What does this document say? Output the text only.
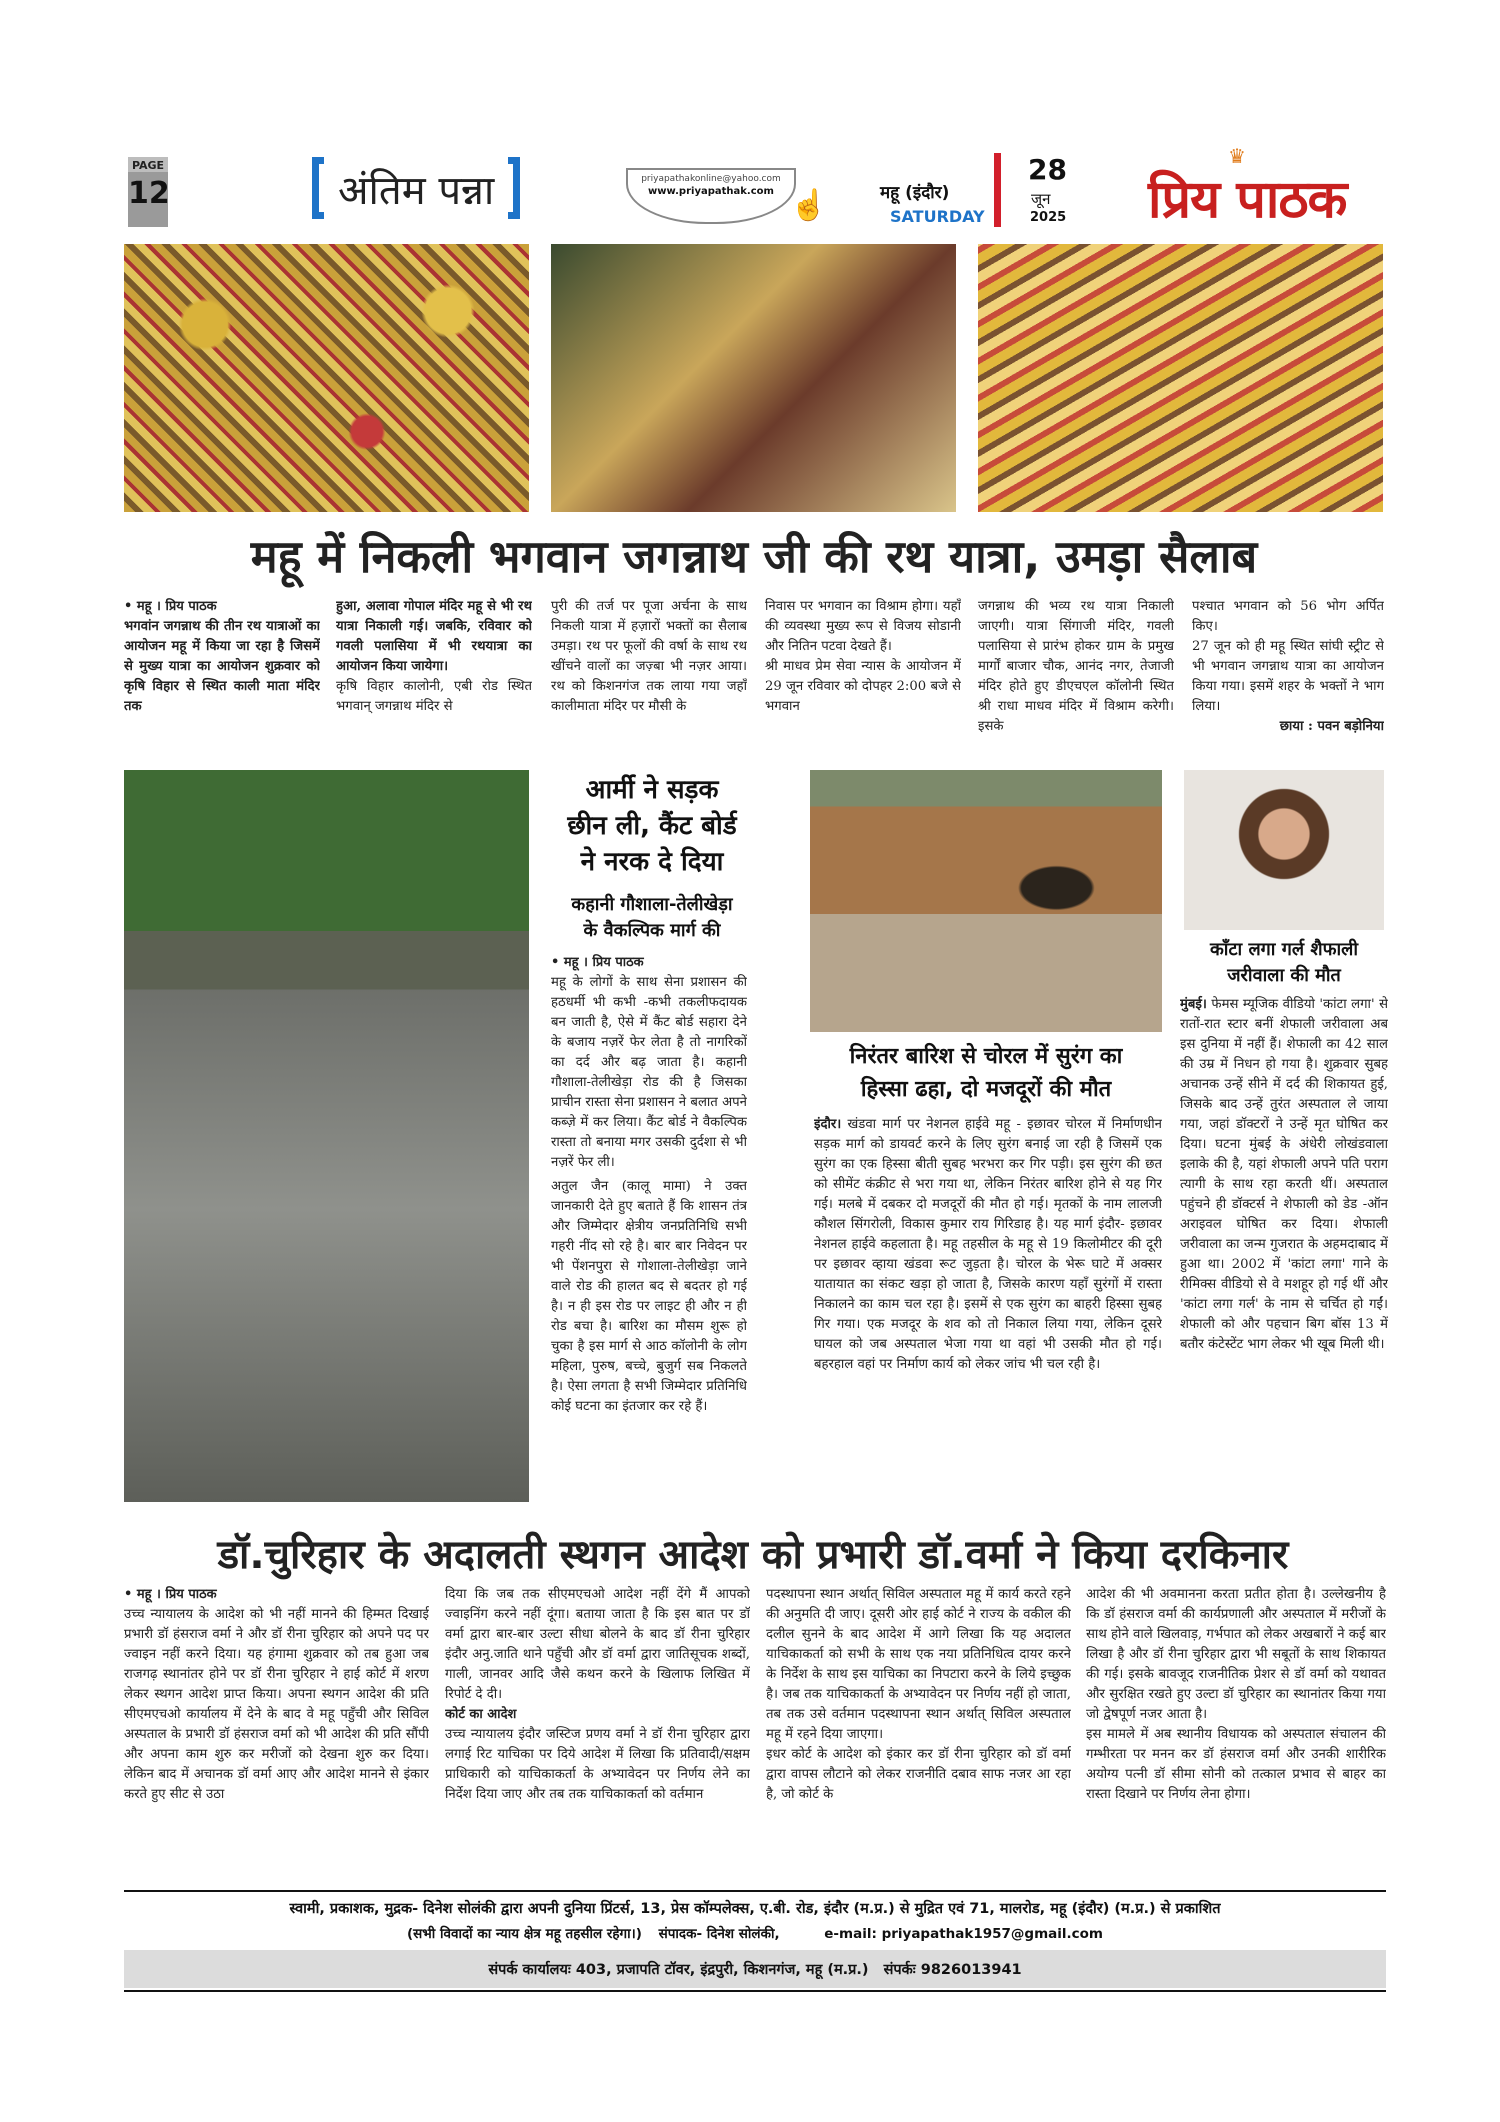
PAGE
12	अंतिम पन्ना	priyapathakonline@yahoo.com
www.priyapathak.com ☝	महू (इंदौर)
SATURDAY
28
जून
2025
♛
प्रिय पाठक
महू में निकली भगवान जगन्नाथ जी की रथ यात्रा, उमड़ा सैलाब
• महू । प्रिय पाठक

भगवांन जगन्नाथ की तीन रथ यात्राओं का आयोजन महू में किया जा रहा है जिसमें से मुख्य यात्रा का आयोजन शुक्रवार को कृषि विहार से स्थित काली माता मंदिर तक

हुआ, अलावा गोपाल मंदिर महू से भी रथ यात्रा निकाली गई। जबकि, रविवार को गवली पलासिया में भी रथयात्रा का आयोजन किया जायेगा।

कृषि विहार कालोनी, एबी रोड स्थित भगवान् जगन्नाथ मंदिर से

पुरी की तर्ज पर पूजा अर्चना के साथ निकली यात्रा में हज़ारों भक्तों का सैलाब उमड़ा। रथ पर फूलों की वर्षा के साथ रथ खींचने वालों का जज़्बा भी नज़र आया। रथ को किशनगंज तक लाया गया जहाँ कालीमाता मंदिर पर मौसी के

निवास पर भगवान का विश्राम होगा। यहाँ की व्यवस्था मुख्य रूप से विजय सोडानी और नितिन पटवा देखते हैं।

श्री माधव प्रेम सेवा न्यास के आयोजन में 29 जून रविवार को दोपहर 2:00 बजे से भगवान

जगन्नाथ की भव्य रथ यात्रा निकाली जाएगी। यात्रा सिंगाजी मंदिर, गवली पलासिया से प्रारंभ होकर ग्राम के प्रमुख मार्गों बाजार चौक, आनंद नगर, तेजाजी मंदिर होते हुए डीएचएल कॉलोनी स्थित श्री राधा माधव मंदिर में विश्राम करेगी। इसके

पश्चात भगवान को 56 भोग अर्पित किए।

27 जून को ही महू स्थित सांघी स्ट्रीट से भी भगवान जगन्नाथ यात्रा का आयोजन किया गया। इसमें शहर के भक्तों ने भाग लिया।

छाया : पवन बड़ोनिया

आर्मी ने सड़क
छीन ली, कैंट बोर्ड
ने नरक दे दिया
कहानी गौशाला-तेलीखेड़ा
के वैकल्पिक मार्ग की
• महू । प्रिय पाठक

महू के लोगों के साथ सेना प्रशासन की हठधर्मी भी कभी -कभी तकलीफदायक बन जाती है, ऐसे में कैंट बोर्ड सहारा देने के बजाय नज़रें फेर लेता है तो नागरिकों का दर्द और बढ़ जाता है। कहानी गौशाला-तेलीखेड़ा रोड की है जिसका प्राचीन रास्ता सेना प्रशासन ने बलात अपने कब्ज़े में कर लिया। कैंट बोर्ड ने वैकल्पिक रास्ता तो बनाया मगर उसकी दुर्दशा से भी नज़रें फेर ली।

अतुल जैन (कालू मामा) ने उक्त जानकारी देते हुए बताते हैं कि शासन तंत्र और जिम्मेदार क्षेत्रीय जनप्रतिनिधि सभी गहरी नींद सो रहे है। बार बार निवेदन पर भी पेंशनपुरा से गोशाला-तेलीखेड़ा जाने वाले रोड की हालत बद से बदतर हो गई है। न ही इस रोड पर लाइट ही और न ही रोड बचा है। बारिश का मौसम शुरू हो चुका है इस मार्ग से आठ कॉलोनी के लोग महिला, पुरुष, बच्चे, बुजुर्ग सब निकलते है। ऐसा लगता है सभी जिम्मेदार प्रतिनिधि कोई घटना का इंतजार कर रहे हैं।

निरंतर बारिश से चोरल में सुरंग का
हिस्सा ढहा, दो मजदूरों की मौत

इंदौर। खंडवा मार्ग पर नेशनल हाईवे महू - इछावर चोरल में निर्माणधीन सड़क मार्ग को डायवर्ट करने के लिए सुरंग बनाई जा रही है जिसमें एक सुरंग का एक हिस्सा बीती सुबह भरभरा कर गिर पड़ी। इस सुरंग की छत को सीमेंट कंक्रीट से भरा गया था, लेकिन निरंतर बारिश होने से यह गिर गई। मलबे में दबकर दो मजदूरों की मौत हो गई। मृतकों के नाम लालजी कौशल सिंगरोली, विकास कुमार राय गिरिडाह है। यह मार्ग इंदौर- इछावर नेशनल हाईवे कहलाता है। महू तहसील के महू से 19 किलोमीटर की दूरी पर इछावर व्हाया खंडवा रूट जुड़ता है। चोरल के भेरू घाटे में अक्सर यातायात का संकट खड़ा हो जाता है, जिसके कारण यहाँ सुरंगों में रास्ता निकालने का काम चल रहा है। इसमें से एक सुरंग का बाहरी हिस्सा सुबह गिर गया। एक मजदूर के शव को तो निकाल लिया गया, लेकिन दूसरे घायल को जब अस्पताल भेजा गया था वहां भी उसकी मौत हो गई। बहरहाल वहां पर निर्माण कार्य को लेकर जांच भी चल रही है।

काँटा लगा गर्ल शैफाली
जरीवाला की मौत

मुंबई। फेमस म्यूजिक वीडियो 'कांटा लगा' से रातों-रात स्टार बनीं शेफाली जरीवाला अब इस दुनिया में नहीं हैं। शेफाली का 42 साल की उम्र में निधन हो गया है। शुक्रवार सुबह अचानक उन्हें सीने में दर्द की शिकायत हुई, जिसके बाद उन्हें तुरंत अस्पताल ले जाया गया, जहां डॉक्टरों ने उन्हें मृत घोषित कर दिया। घटना मुंबई के अंधेरी लोखंडवाला इलाके की है, यहां शेफाली अपने पति पराग त्यागी के साथ रहा करती थीं। अस्पताल पहुंचने ही डॉक्टर्स ने शेफाली को डेड -ऑन अराइवल घोषित कर दिया। शेफाली जरीवाला का जन्म गुजरात के अहमदाबाद में हुआ था। 2002 में 'कांटा लगा' गाने के रीमिक्स वीडियो से वे मशहूर हो गई थीं और 'कांटा लगा गर्ल' के नाम से चर्चित हो गईं। शेफाली को और पहचान बिग बॉस 13 में बतौर कंटेस्टेंट भाग लेकर भी खूब मिली थी।

डॉ.चुरिहार के अदालती स्थगन आदेश को प्रभारी डॉ.वर्मा ने किया दरकिनार
• महू । प्रिय पाठक

उच्च न्यायालय के आदेश को भी नहीं मानने की हिम्मत दिखाई प्रभारी डॉ हंसराज वर्मा ने और डॉ रीना चुरिहार को अपने पद पर ज्वाइन नहीं करने दिया। यह हंगामा शुक्रवार को तब हुआ जब राजगढ़ स्थानांतर होने पर डॉ रीना चुरिहार ने हाई कोर्ट में शरण लेकर स्थगन आदेश प्राप्त किया। अपना स्थगन आदेश की प्रति सीएमएचओ कार्यालय में देने के बाद वे महू पहुँची और सिविल अस्पताल के प्रभारी डॉ हंसराज वर्मा को भी आदेश की प्रति सौंपी और अपना काम शुरु कर मरीजों को देखना शुरु कर दिया। लेकिन बाद में अचानक डॉ वर्मा आए और आदेश मानने से इंकार करते हुए सीट से उठा

दिया कि जब तक सीएमएचओ आदेश नहीं देंगे मैं आपको ज्वाइनिंग करने नहीं दूंगा। बताया जाता है कि इस बात पर डॉ वर्मा द्वारा बार-बार उल्टा सीधा बोलने के बाद डॉ रीना चुरिहार इंदौर अनु.जाति थाने पहुँची और डॉ वर्मा द्वारा जातिसूचक शब्दों, गाली, जानवर आदि जैसे कथन करने के खिलाफ लिखित में रिपोर्ट दे दी।

कोर्ट का आदेश

उच्च न्यायालय इंदौर जस्टिज प्रणय वर्मा ने डॉ रीना चुरिहार द्वारा लगाई रिट याचिका पर दिये आदेश में लिखा कि प्रतिवादी/सक्षम प्राधिकारी को याचिकाकर्ता के अभ्यावेदन पर निर्णय लेने का निर्देश दिया जाए और तब तक याचिकाकर्ता को वर्तमान

पदस्थापना स्थान अर्थात् सिविल अस्पताल महू में कार्य करते रहने की अनुमति दी जाए। दूसरी ओर हाई कोर्ट ने राज्य के वकील की दलील सुनने के बाद आदेश में आगे लिखा कि यह अदालत याचिकाकर्ता को सभी के साथ एक नया प्रतिनिधित्व दायर करने के निर्देश के साथ इस याचिका का निपटारा करने के लिये इच्छुक है। जब तक याचिकाकर्ता के अभ्यावेदन पर निर्णय नहीं हो जाता, तब तक उसे वर्तमान पदस्थापना स्थान अर्थात् सिविल अस्पताल महू में रहने दिया जाएगा।

इधर कोर्ट के आदेश को इंकार कर डॉ रीना चुरिहार को डॉ वर्मा द्वारा वापस लौटाने को लेकर राजनीति दबाव साफ नजर आ रहा है, जो कोर्ट के

आदेश की भी अवमानना करता प्रतीत होता है। उल्लेखनीय है कि डॉ हंसराज वर्मा की कार्यप्रणाली और अस्पताल में मरीजों के साथ होने वाले खिलवाड़, गर्भपात को लेकर अखबारों ने कई बार लिखा है और डॉ रीना चुरिहार द्वारा भी सबूतों के साथ शिकायत की गई। इसके बावजूद राजनीतिक प्रेशर से डॉ वर्मा को यथावत और सुरक्षित रखते हुए उल्टा डॉ चुरिहार का स्थानांतर किया गया जो द्वेषपूर्ण नजर आता है।

इस मामले में अब स्थानीय विधायक को अस्पताल संचालन की गम्भीरता पर मनन कर डॉ हंसराज वर्मा और उनकी शारीरिक अयोग्य पत्नी डॉ सीमा सोनी को तत्काल प्रभाव से बाहर का रास्ता दिखाने पर निर्णय लेना होगा।

स्वामी, प्रकाशक, मुद्रक- दिनेश सोलंकी द्वारा अपनी दुनिया प्रिंटर्स, 13, प्रेस कॉम्पलेक्स, ए.बी. रोड, इंदौर (म.प्र.) से मुद्रित एवं 71, मालरोड, महू (इंदौर) (म.प्र.) से प्रकाशित
(सभी विवादों का न्याय क्षेत्र महू तहसील रहेगा।) संपादक- दिनेश सोलंकी,	e-mail: priyapathak1957@gmail.com
संपर्क कार्यालयः 403, प्रजापति टॉवर, इंद्रपुरी, किशनगंज, महू (म.प्र.) संपर्कः 9826013941
